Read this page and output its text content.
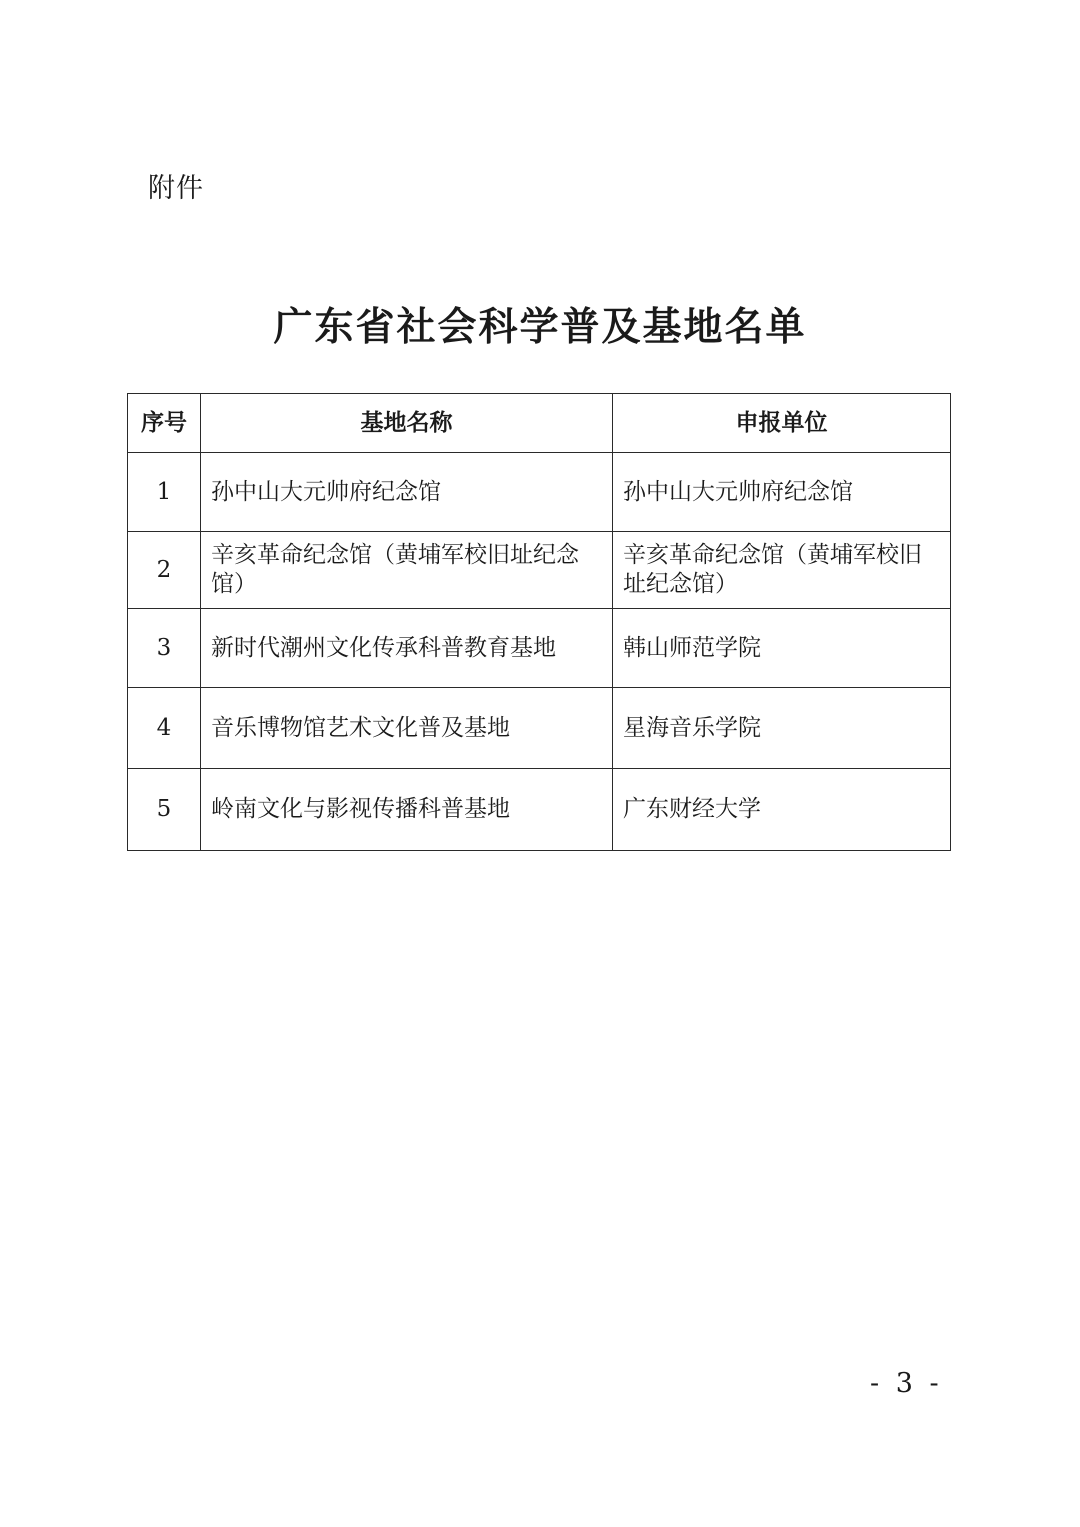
附件
广东省社会科学普及基地名单
序号	基地名称	申报单位
1	孙中山大元帅府纪念馆	孙中山大元帅府纪念馆
2	辛亥革命纪念馆（黄埔军校旧址纪念馆）	辛亥革命纪念馆（黄埔军校旧址纪念馆）
3	新时代潮州文化传承科普教育基地	韩山师范学院
4	音乐博物馆艺术文化普及基地	星海音乐学院
5	岭南文化与影视传播科普基地	广东财经大学
- 3 -
